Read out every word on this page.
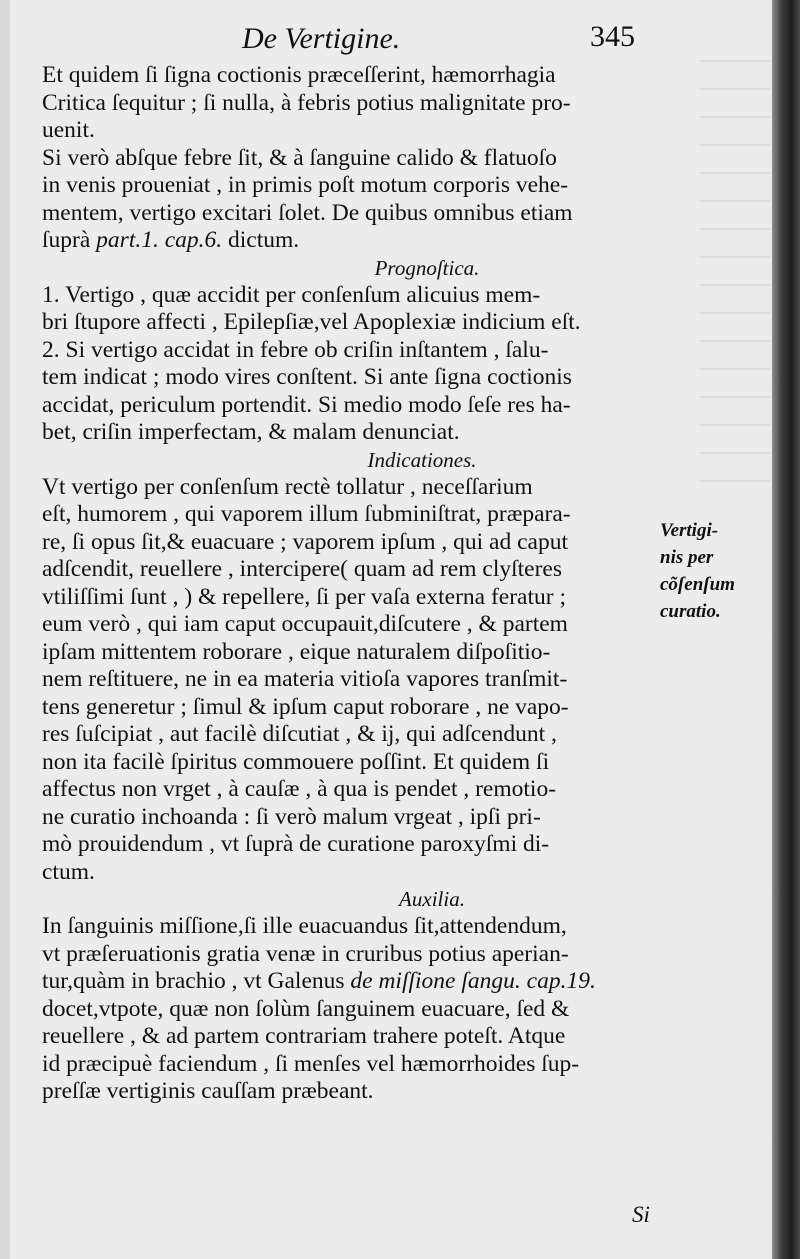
De Vertigine.	345

Et quidem ſi ſigna coctionis præceſſerint, hæmorrhagia
Critica ſequitur ; ſi nulla, à febris potius malignitate pro-
uenit.

Si verò abſque febre ſit, & à ſanguine calido & flatuoſo
in venis proueniat , in primis poſt motum corporis vehe-
mentem, vertigo excitari ſolet. De quibus omnibus etiam
ſuprà part.1. cap.6. dictum.

Prognoſtica.

1. Vertigo , quæ accidit per conſenſum alicuius mem-
bri ſtupore affecti , Epilepſiæ,vel Apoplexiæ indicium eſt.

2. Si vertigo accidat in febre ob criſin inſtantem , ſalu-
tem indicat ; modo vires conſtent. Si ante ſigna coctionis
accidat, periculum portendit. Si medio modo ſeſe res ha-
bet, criſin imperfectam, & malam denunciat.

Indicationes.

Vt vertigo per conſenſum rectè tollatur , neceſſarium
eſt, humorem , qui vaporem illum ſubminiſtrat, præpara-
re, ſi opus ſit,& euacuare ; vaporem ipſum , qui ad caput
adſcendit, reuellere , intercipere( quam ad rem clyſteres
vtiliſſimi ſunt , ) & repellere, ſi per vaſa externa feratur ;
eum verò , qui iam caput occupauit,diſcutere , & partem
ipſam mittentem roborare , eique naturalem diſpoſitio-
nem reſtituere, ne in ea materia vitioſa vapores tranſmit-
tens generetur ; ſimul & ipſum caput roborare , ne vapo-
res ſuſcipiat , aut facilè diſcutiat , & ij, qui adſcendunt ,
non ita facilè ſpiritus commouere poſſint. Et quidem ſi
affectus non vrget , à cauſæ , à qua is pendet , remotio-
ne curatio inchoanda : ſi verò malum vrgeat , ipſi pri-
mò prouidendum , vt ſuprà de curatione paroxyſmi di-
ctum.

Auxilia.

In ſanguinis miſſione,ſi ille euacuandus ſit,attendendum,
vt præſeruationis gratia venæ in cruribus potius aperian-
tur,quàm in brachio , vt Galenus de miſſione ſangu. cap.19.
docet,vtpote, quæ non ſolùm ſanguinem euacuare, ſed &
reuellere , & ad partem contrariam trahere poteſt. Atque
id præcipuè faciendum , ſi menſes vel hæmorrhoides ſup-
preſſæ vertiginis cauſſam præbeant.

Vertigi-
nis per
cõſenſum
curatio.
Si
